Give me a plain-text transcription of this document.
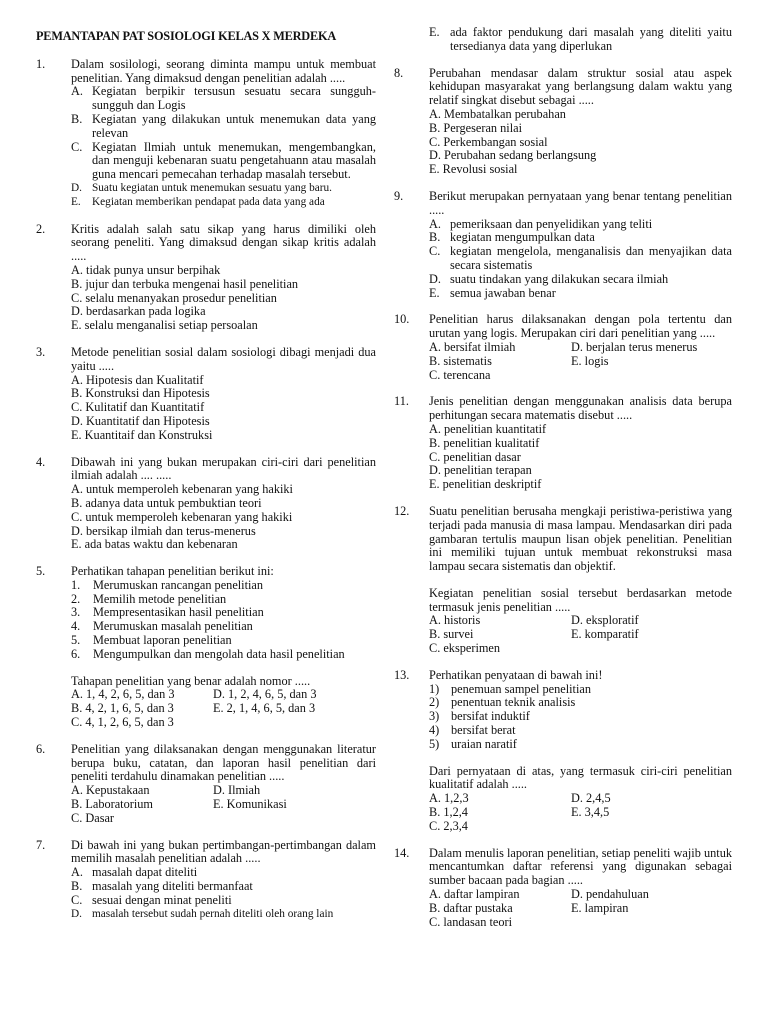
PEMANTAPAN PAT SOSIOLOGI KELAS X MERDEKA
1. Dalam sosilologi, seorang diminta mampu untuk membuat penelitian. Yang dimaksud dengan penelitian adalah .....
A. Kegiatan berpikir tersusun sesuatu secara sungguh-sungguh dan Logis
B. Kegiatan yang dilakukan untuk menemukan data yang relevan
C. Kegiatan Ilmiah untuk menemukan, mengembangkan, dan menguji kebenaran suatu pengetahuann atau masalah guna mencari pemecahan terhadap masalah tersebut.
D. Suatu kegiatan untuk menemukan sesuatu yang baru.
E. Kegiatan memberikan pendapat pada data yang ada
2. Kritis adalah salah satu sikap yang harus dimiliki oleh seorang peneliti. Yang dimaksud dengan sikap kritis adalah .....
A. tidak punya unsur berpihak
B. jujur dan terbuka mengenai hasil penelitian
C. selalu menanyakan prosedur penelitian
D. berdasarkan pada logika
E. selalu menganalisi setiap persoalan
3. Metode penelitian sosial dalam sosiologi dibagi menjadi dua yaitu .....
A. Hipotesis dan Kualitatif
B. Konstruksi dan Hipotesis
C. Kulitatif dan Kuantitatif
D. Kuantitatif dan Hipotesis
E. Kuantitaif dan Konstruksi
4. Dibawah ini yang bukan merupakan ciri-ciri dari penelitian ilmiah adalah .... .....
A. untuk memperoleh kebenaran yang hakiki
B. adanya data untuk pembuktian teori
C. untuk memperoleh kebenaran yang hakiki
D. bersikap ilmiah dan terus-menerus
E. ada batas waktu dan kebenaran
5. Perhatikan tahapan penelitian berikut ini:
1. Merumuskan rancangan penelitian
2. Memilih metode penelitian
3. Mempresentasikan hasil penelitian
4. Merumuskan masalah penelitian
5. Membuat laporan penelitian
6. Mengumpulkan dan mengolah data hasil penelitian
Tahapan penelitian yang benar adalah nomor .....
A. 1, 4, 2, 6, 5, dan 3	D. 1, 2, 4, 6, 5, dan 3
B. 4, 2, 1, 6, 5, dan 3	E. 2, 1, 4, 6, 5, dan 3
C. 4, 1, 2, 6, 5, dan 3
6. Penelitian yang dilaksanakan dengan menggunakan literatur berupa buku, catatan, dan laporan hasil penelitian dari peneliti terdahulu dinamakan penelitian .....
A. Kepustakaan	D. Ilmiah
B. Laboratorium	E. Komunikasi
C. Dasar
7. Di bawah ini yang bukan pertimbangan-pertimbangan dalam memilih masalah penelitian adalah .....
A. masalah dapat diteliti
B. masalah yang diteliti bermanfaat
C. sesuai dengan minat peneliti
D. masalah tersebut sudah pernah diteliti oleh orang lain
E. ada faktor pendukung dari masalah yang diteliti yaitu tersedianya data yang diperlukan
8. Perubahan mendasar dalam struktur sosial atau aspek kehidupan masyarakat yang berlangsung dalam waktu yang relatif singkat disebut sebagai .....
A. Membatalkan perubahan
B. Pergeseran nilai
C. Perkembangan sosial
D. Perubahan sedang berlangsung
E. Revolusi sosial
9. Berikut merupakan pernyataan yang benar tentang penelitian .....
A. pemeriksaan dan penyelidikan yang teliti
B. kegiatan mengumpulkan data
C. kegiatan mengelola, menganalisis dan menyajikan data secara sistematis
D. suatu tindakan yang dilakukan secara ilmiah
E. semua jawaban benar
10. Penelitian harus dilaksanakan dengan pola tertentu dan urutan yang logis. Merupakan ciri dari penelitian yang .....
A. bersifat ilmiah	D. berjalan terus menerus
B. sistematis	E. logis
C. terencana
11. Jenis penelitian dengan menggunakan analisis data berupa perhitungan secara matematis disebut .....
A. penelitian kuantitatif
B. penelitian kualitatif
C. penelitian dasar
D. penelitian terapan
E. penelitian deskriptif
12. Suatu penelitian berusaha mengkaji peristiwa-peristiwa yang terjadi pada manusia di masa lampau. Mendasarkan diri pada gambaran tertulis maupun lisan objek penelitian. Penelitian ini memiliki tujuan untuk membuat rekonstruksi masa lampau secara sistematis dan objektif.
Kegiatan penelitian sosial tersebut berdasarkan metode termasuk jenis penelitian .....
A. historis	D. eksploratif
B. survei	E. komparatif
C. eksperimen
13. Perhatikan penyataan di bawah ini!
1) penemuan sampel penelitian
2) penentuan teknik analisis
3) bersifat induktif
4) bersifat berat
5) uraian naratif
Dari pernyataan di atas, yang termasuk ciri-ciri penelitian kualitatif adalah .....
A. 1,2,3	D. 2,4,5
B. 1,2,4	E. 3,4,5
C. 2,3,4
14. Dalam menulis laporan penelitian, setiap peneliti wajib untuk mencantumkan daftar referensi yang digunakan sebagai sumber bacaan pada bagian .....
A. daftar lampiran	D. pendahuluan
B. daftar pustaka	E. lampiran
C. landasan teori
